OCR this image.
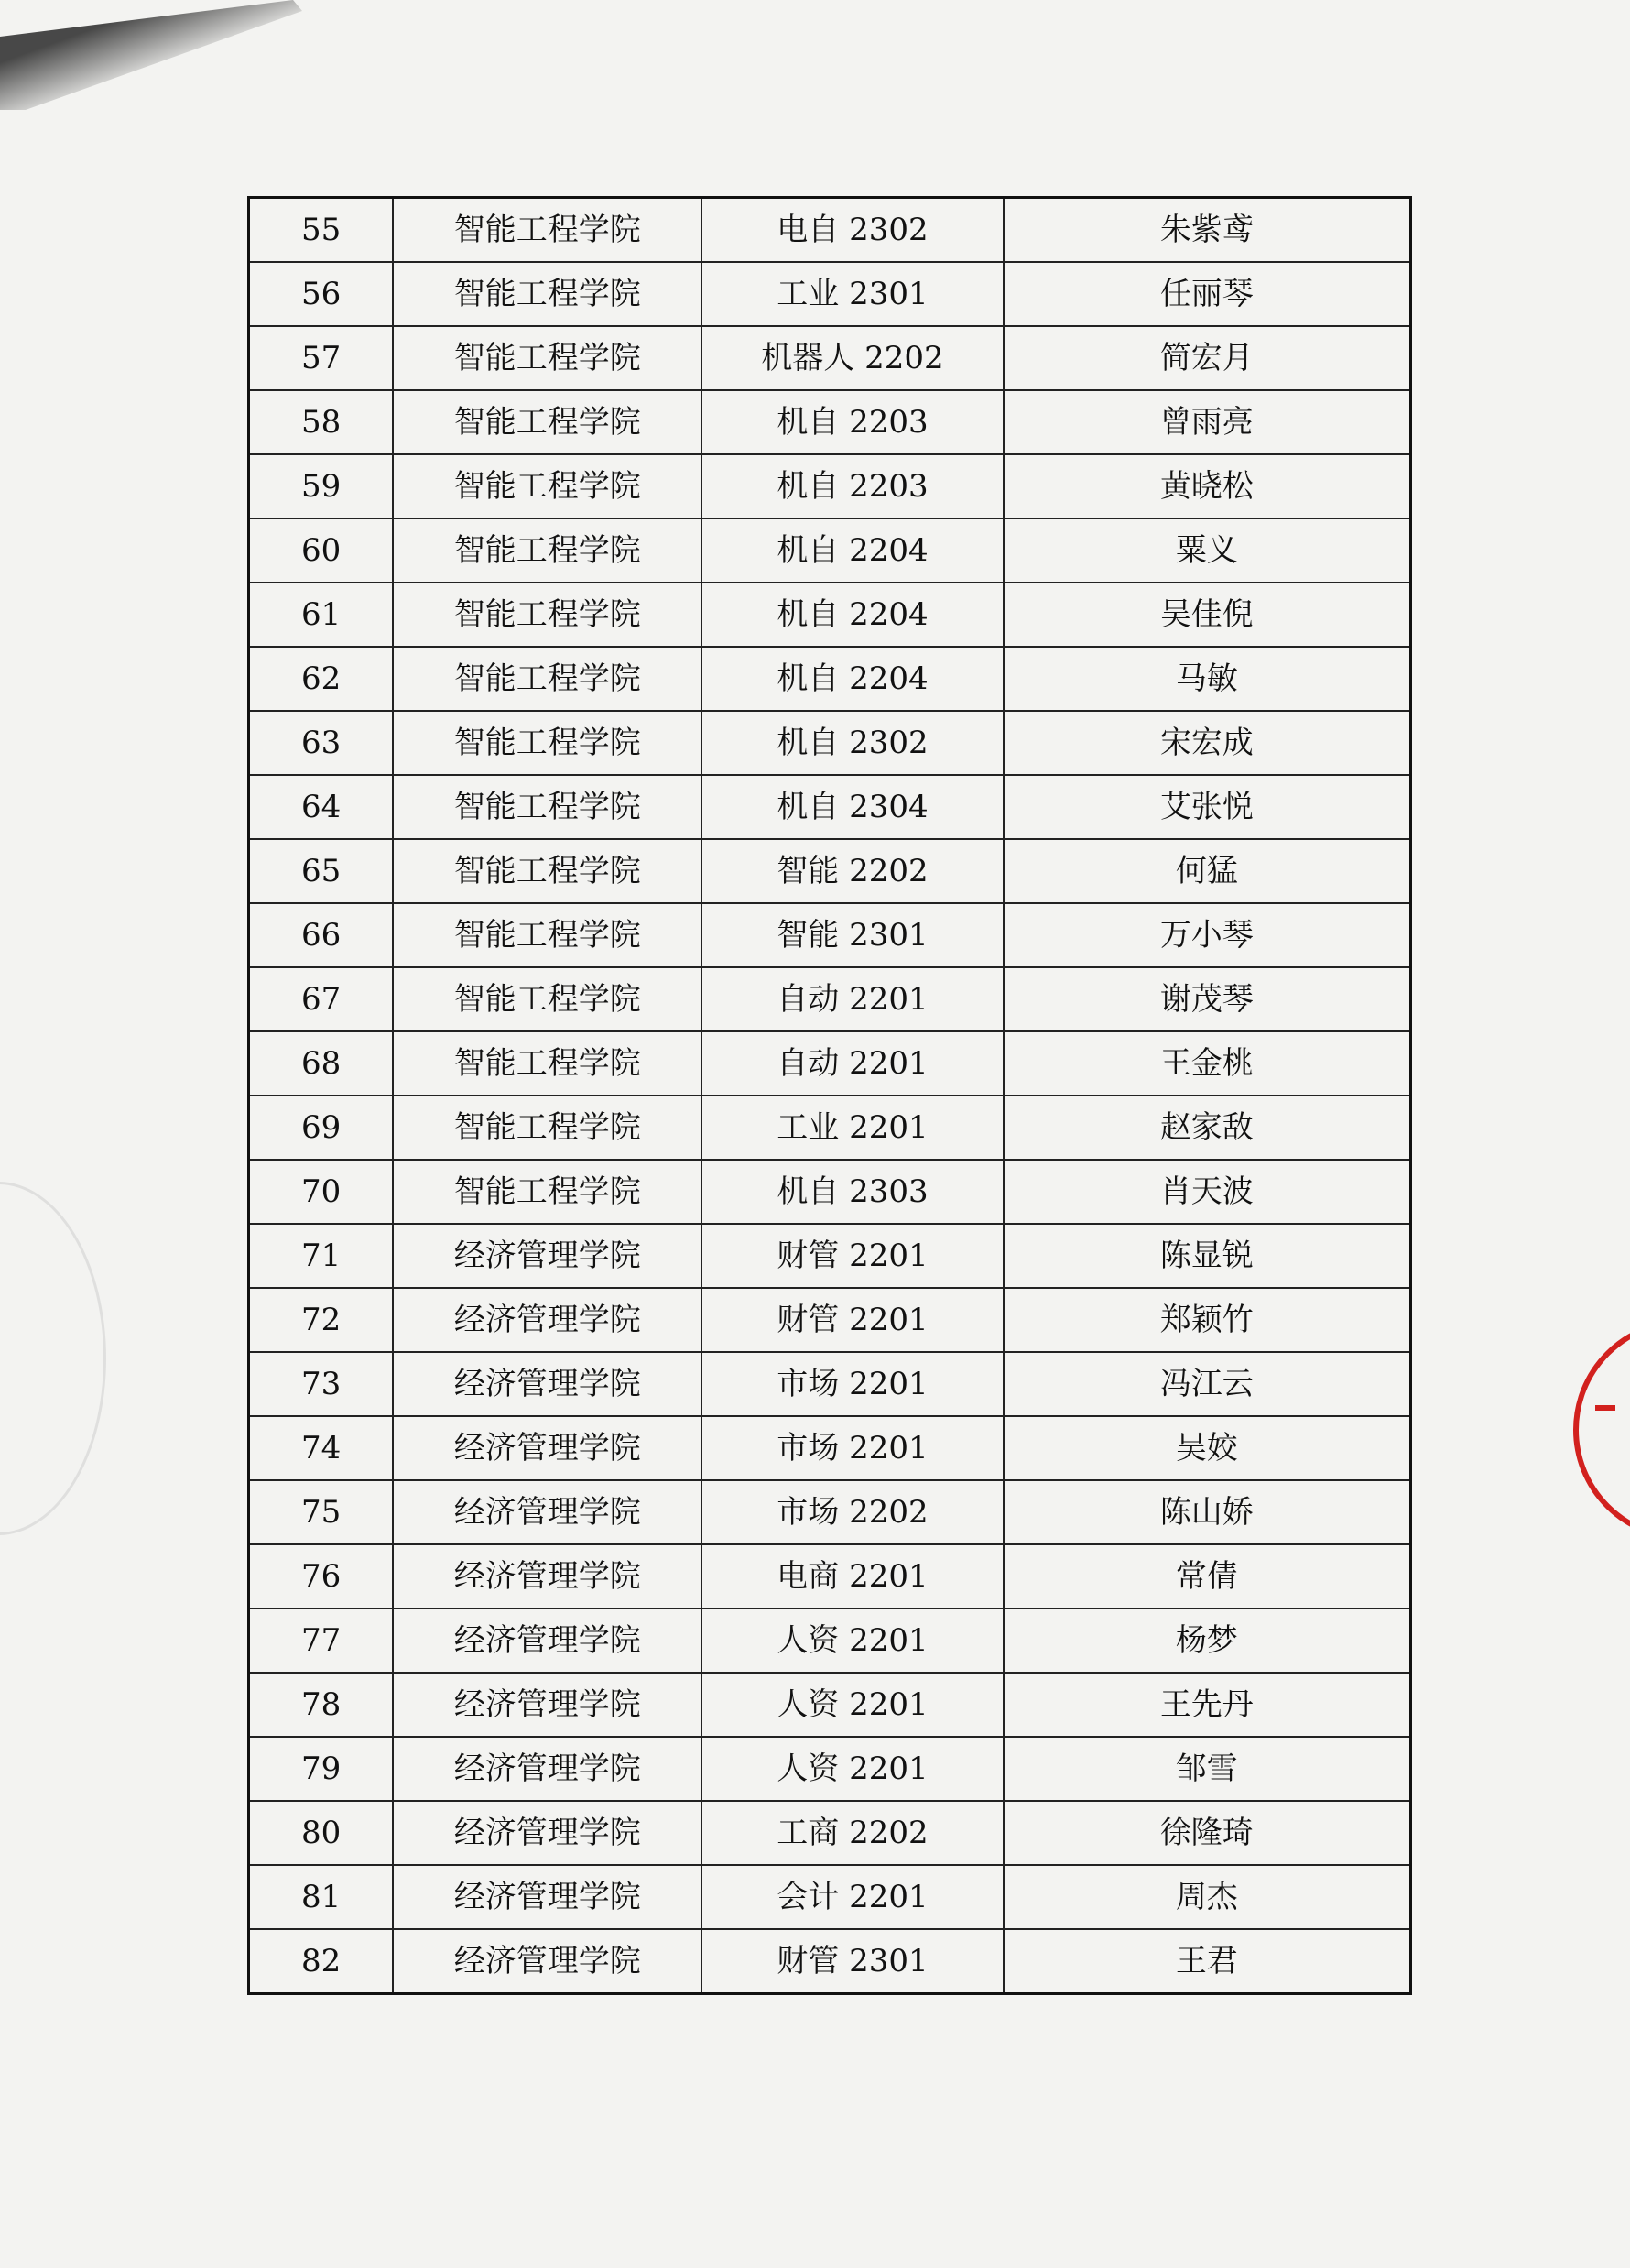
55	智能工程学院	电自 2302	朱紫鸢
56	智能工程学院	工业 2301	任丽琴
57	智能工程学院	机器人 2202	简宏月
58	智能工程学院	机自 2203	曾雨亮
59	智能工程学院	机自 2203	黄晓松
60	智能工程学院	机自 2204	粟义
61	智能工程学院	机自 2204	吴佳倪
62	智能工程学院	机自 2204	马敏
63	智能工程学院	机自 2302	宋宏成
64	智能工程学院	机自 2304	艾张悦
65	智能工程学院	智能 2202	何猛
66	智能工程学院	智能 2301	万小琴
67	智能工程学院	自动 2201	谢茂琴
68	智能工程学院	自动 2201	王金桃
69	智能工程学院	工业 2201	赵家敌
70	智能工程学院	机自 2303	肖天波
71	经济管理学院	财管 2201	陈显锐
72	经济管理学院	财管 2201	郑颖竹
73	经济管理学院	市场 2201	冯江云
74	经济管理学院	市场 2201	吴姣
75	经济管理学院	市场 2202	陈山娇
76	经济管理学院	电商 2201	常倩
77	经济管理学院	人资 2201	杨梦
78	经济管理学院	人资 2201	王先丹
79	经济管理学院	人资 2201	邹雪
80	经济管理学院	工商 2202	徐隆琦
81	经济管理学院	会计 2201	周杰
82	经济管理学院	财管 2301	王君
